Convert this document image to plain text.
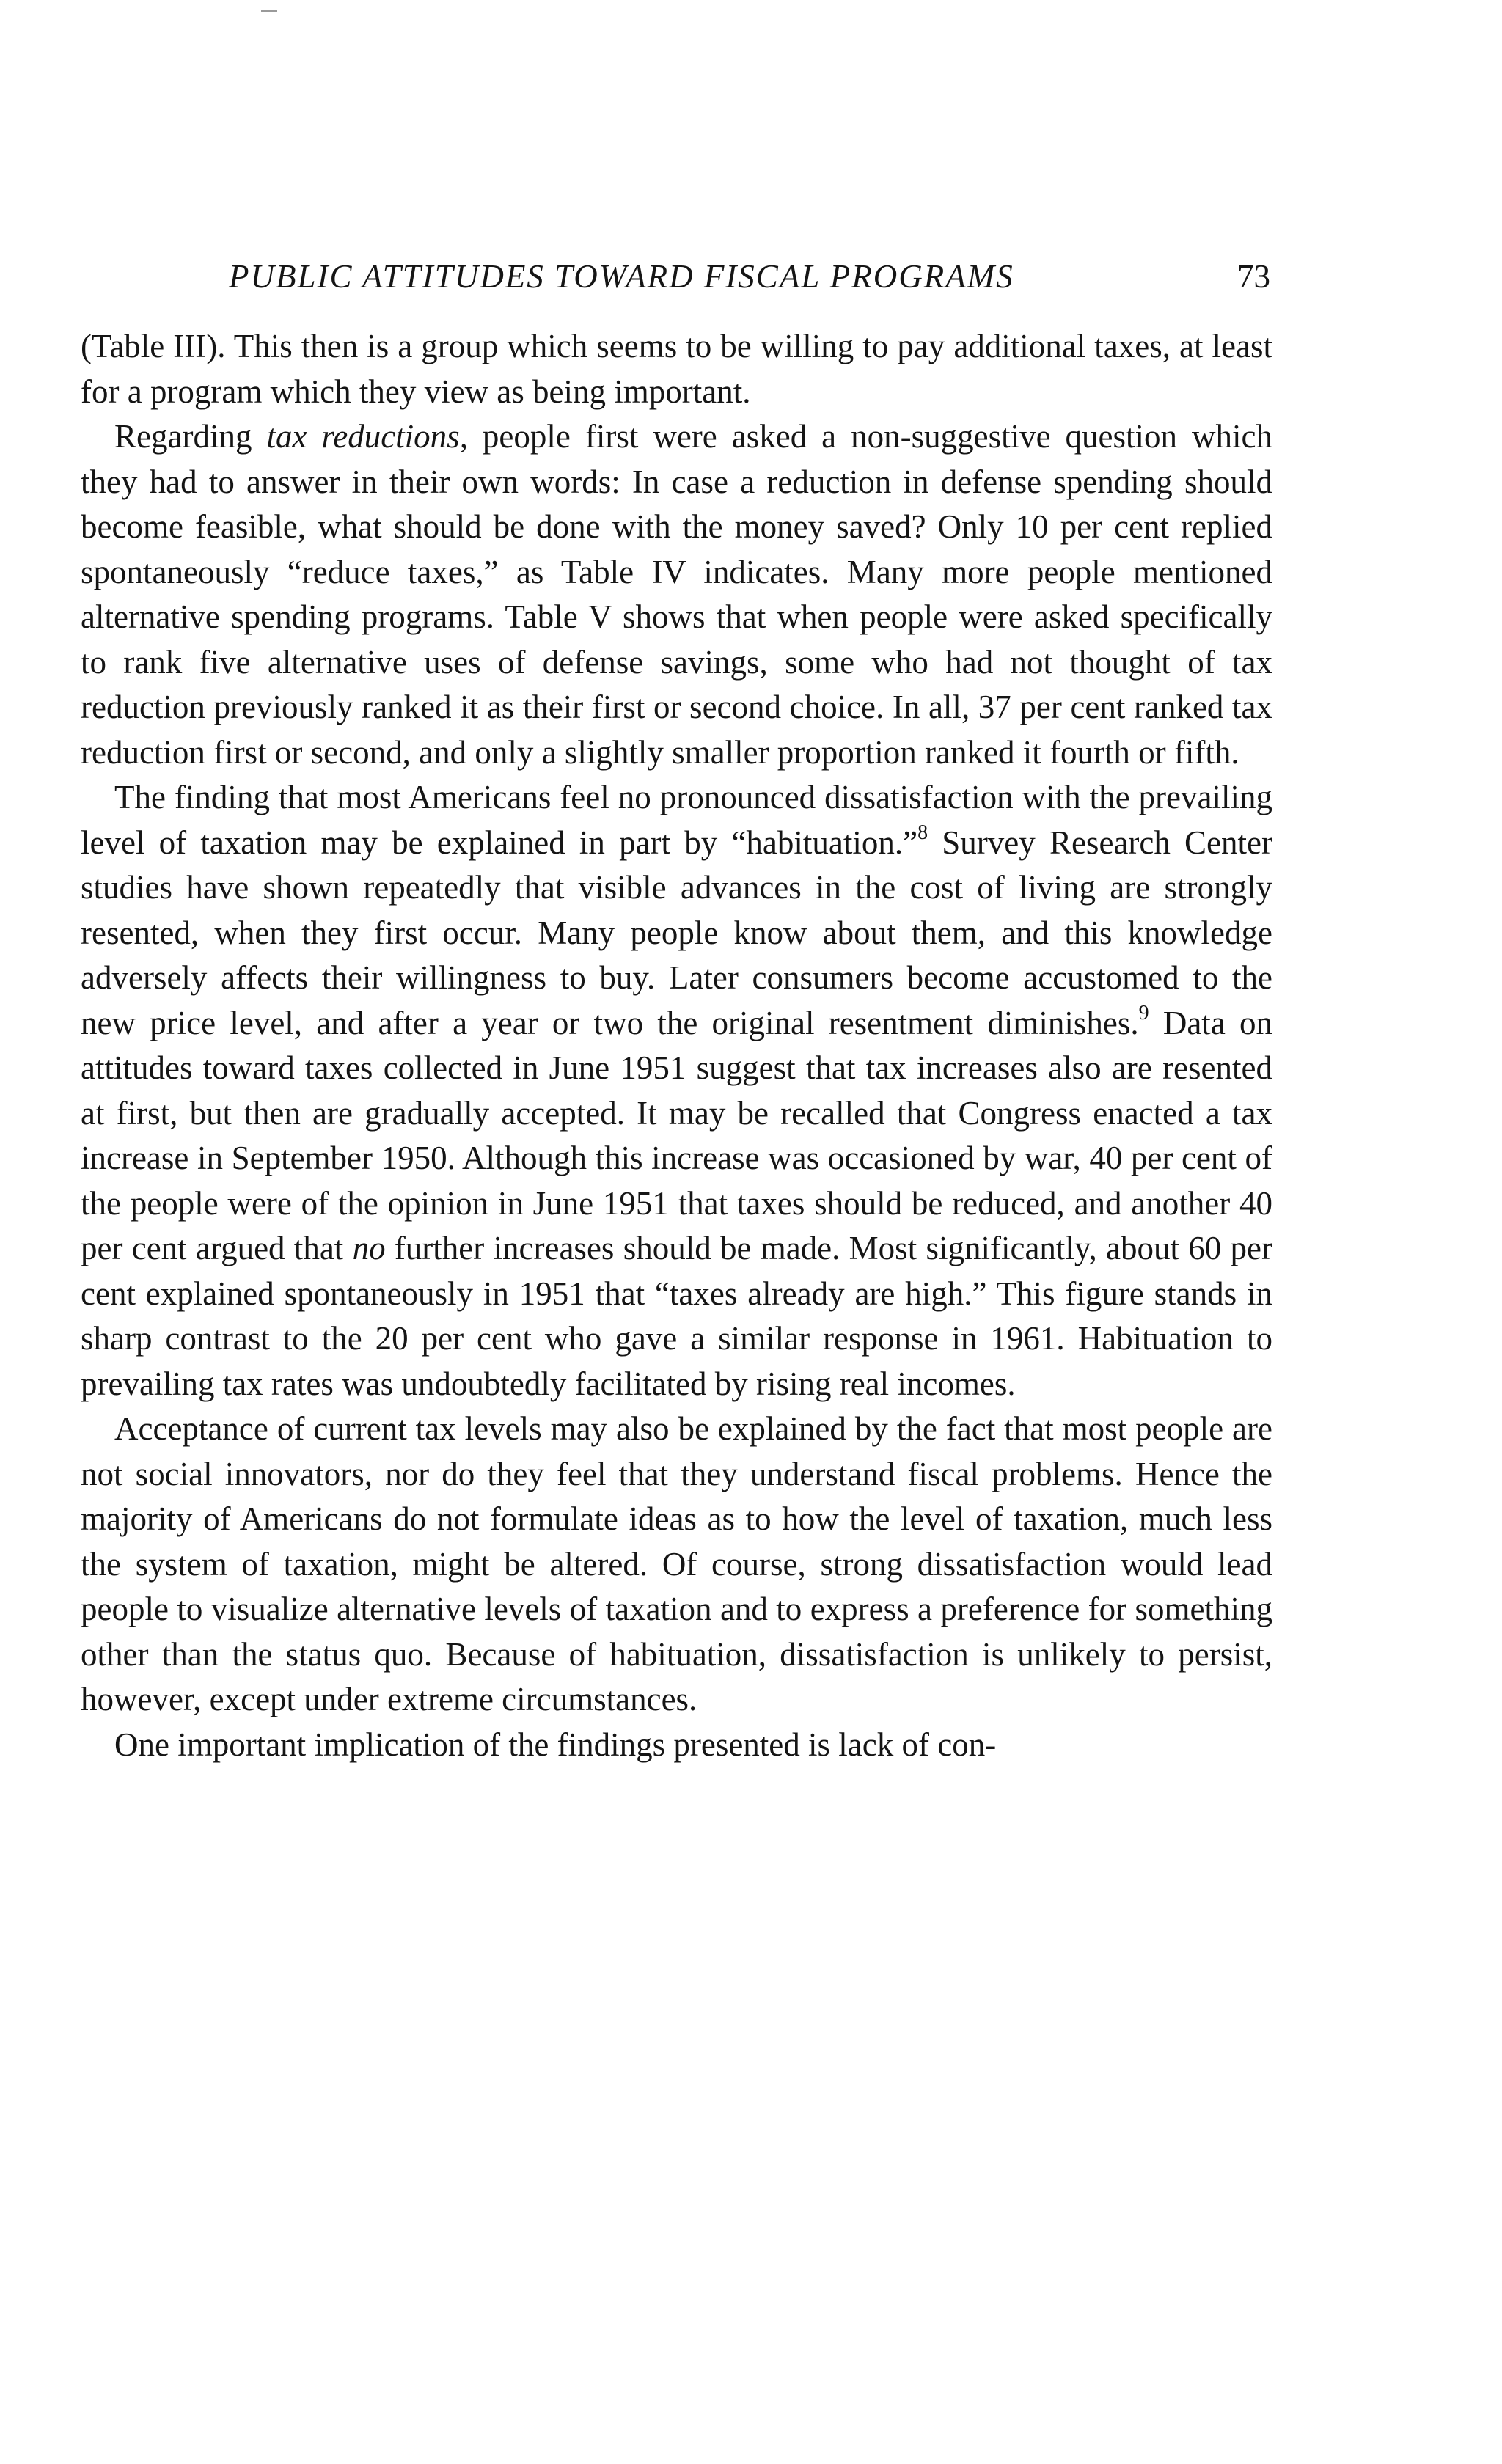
PUBLIC ATTITUDES TOWARD FISCAL PROGRAMS	73

(Table III). This then is a group which seems to be willing to pay additional taxes, at least for a program which they view as being important.

Regarding tax reductions, people first were asked a non-suggestive question which they had to answer in their own words: In case a reduction in defense spending should become feasible, what should be done with the money saved? Only 10 per cent replied spontaneously “reduce taxes,” as Table IV indicates. Many more people mentioned alternative spending programs. Table V shows that when people were asked specifically to rank five alternative uses of defense savings, some who had not thought of tax reduction previously ranked it as their first or second choice. In all, 37 per cent ranked tax reduction first or second, and only a slightly smaller proportion ranked it fourth or fifth.

The finding that most Americans feel no pronounced dissatisfaction with the prevailing level of taxation may be explained in part by “habituation.”$^8$ Survey Research Center studies have shown repeatedly that visible advances in the cost of living are strongly resented, when they first occur. Many people know about them, and this knowledge adversely affects their willingness to buy. Later consumers become accustomed to the new price level, and after a year or two the original resentment diminishes.$^9$ Data on attitudes toward taxes collected in June 1951 suggest that tax increases also are resented at first, but then are gradually accepted. It may be recalled that Congress enacted a tax increase in September 1950. Although this increase was occasioned by war, 40 per cent of the people were of the opinion in June 1951 that taxes should be reduced, and another 40 per cent argued that no further increases should be made. Most significantly, about 60 per cent explained spontaneously in 1951 that “taxes already are high.” This figure stands in sharp contrast to the 20 per cent who gave a similar response in 1961. Habituation to prevailing tax rates was undoubtedly facilitated by rising real incomes.

Acceptance of current tax levels may also be explained by the fact that most people are not social innovators, nor do they feel that they understand fiscal problems. Hence the majority of Americans do not formulate ideas as to how the level of taxation, much less the system of taxation, might be altered. Of course, strong dissatisfaction would lead people to visualize alternative levels of taxation and to express a preference for something other than the status quo. Because of habituation, dissatisfaction is unlikely to persist, however, except under extreme circumstances.

One important implication of the findings presented is lack of con-
